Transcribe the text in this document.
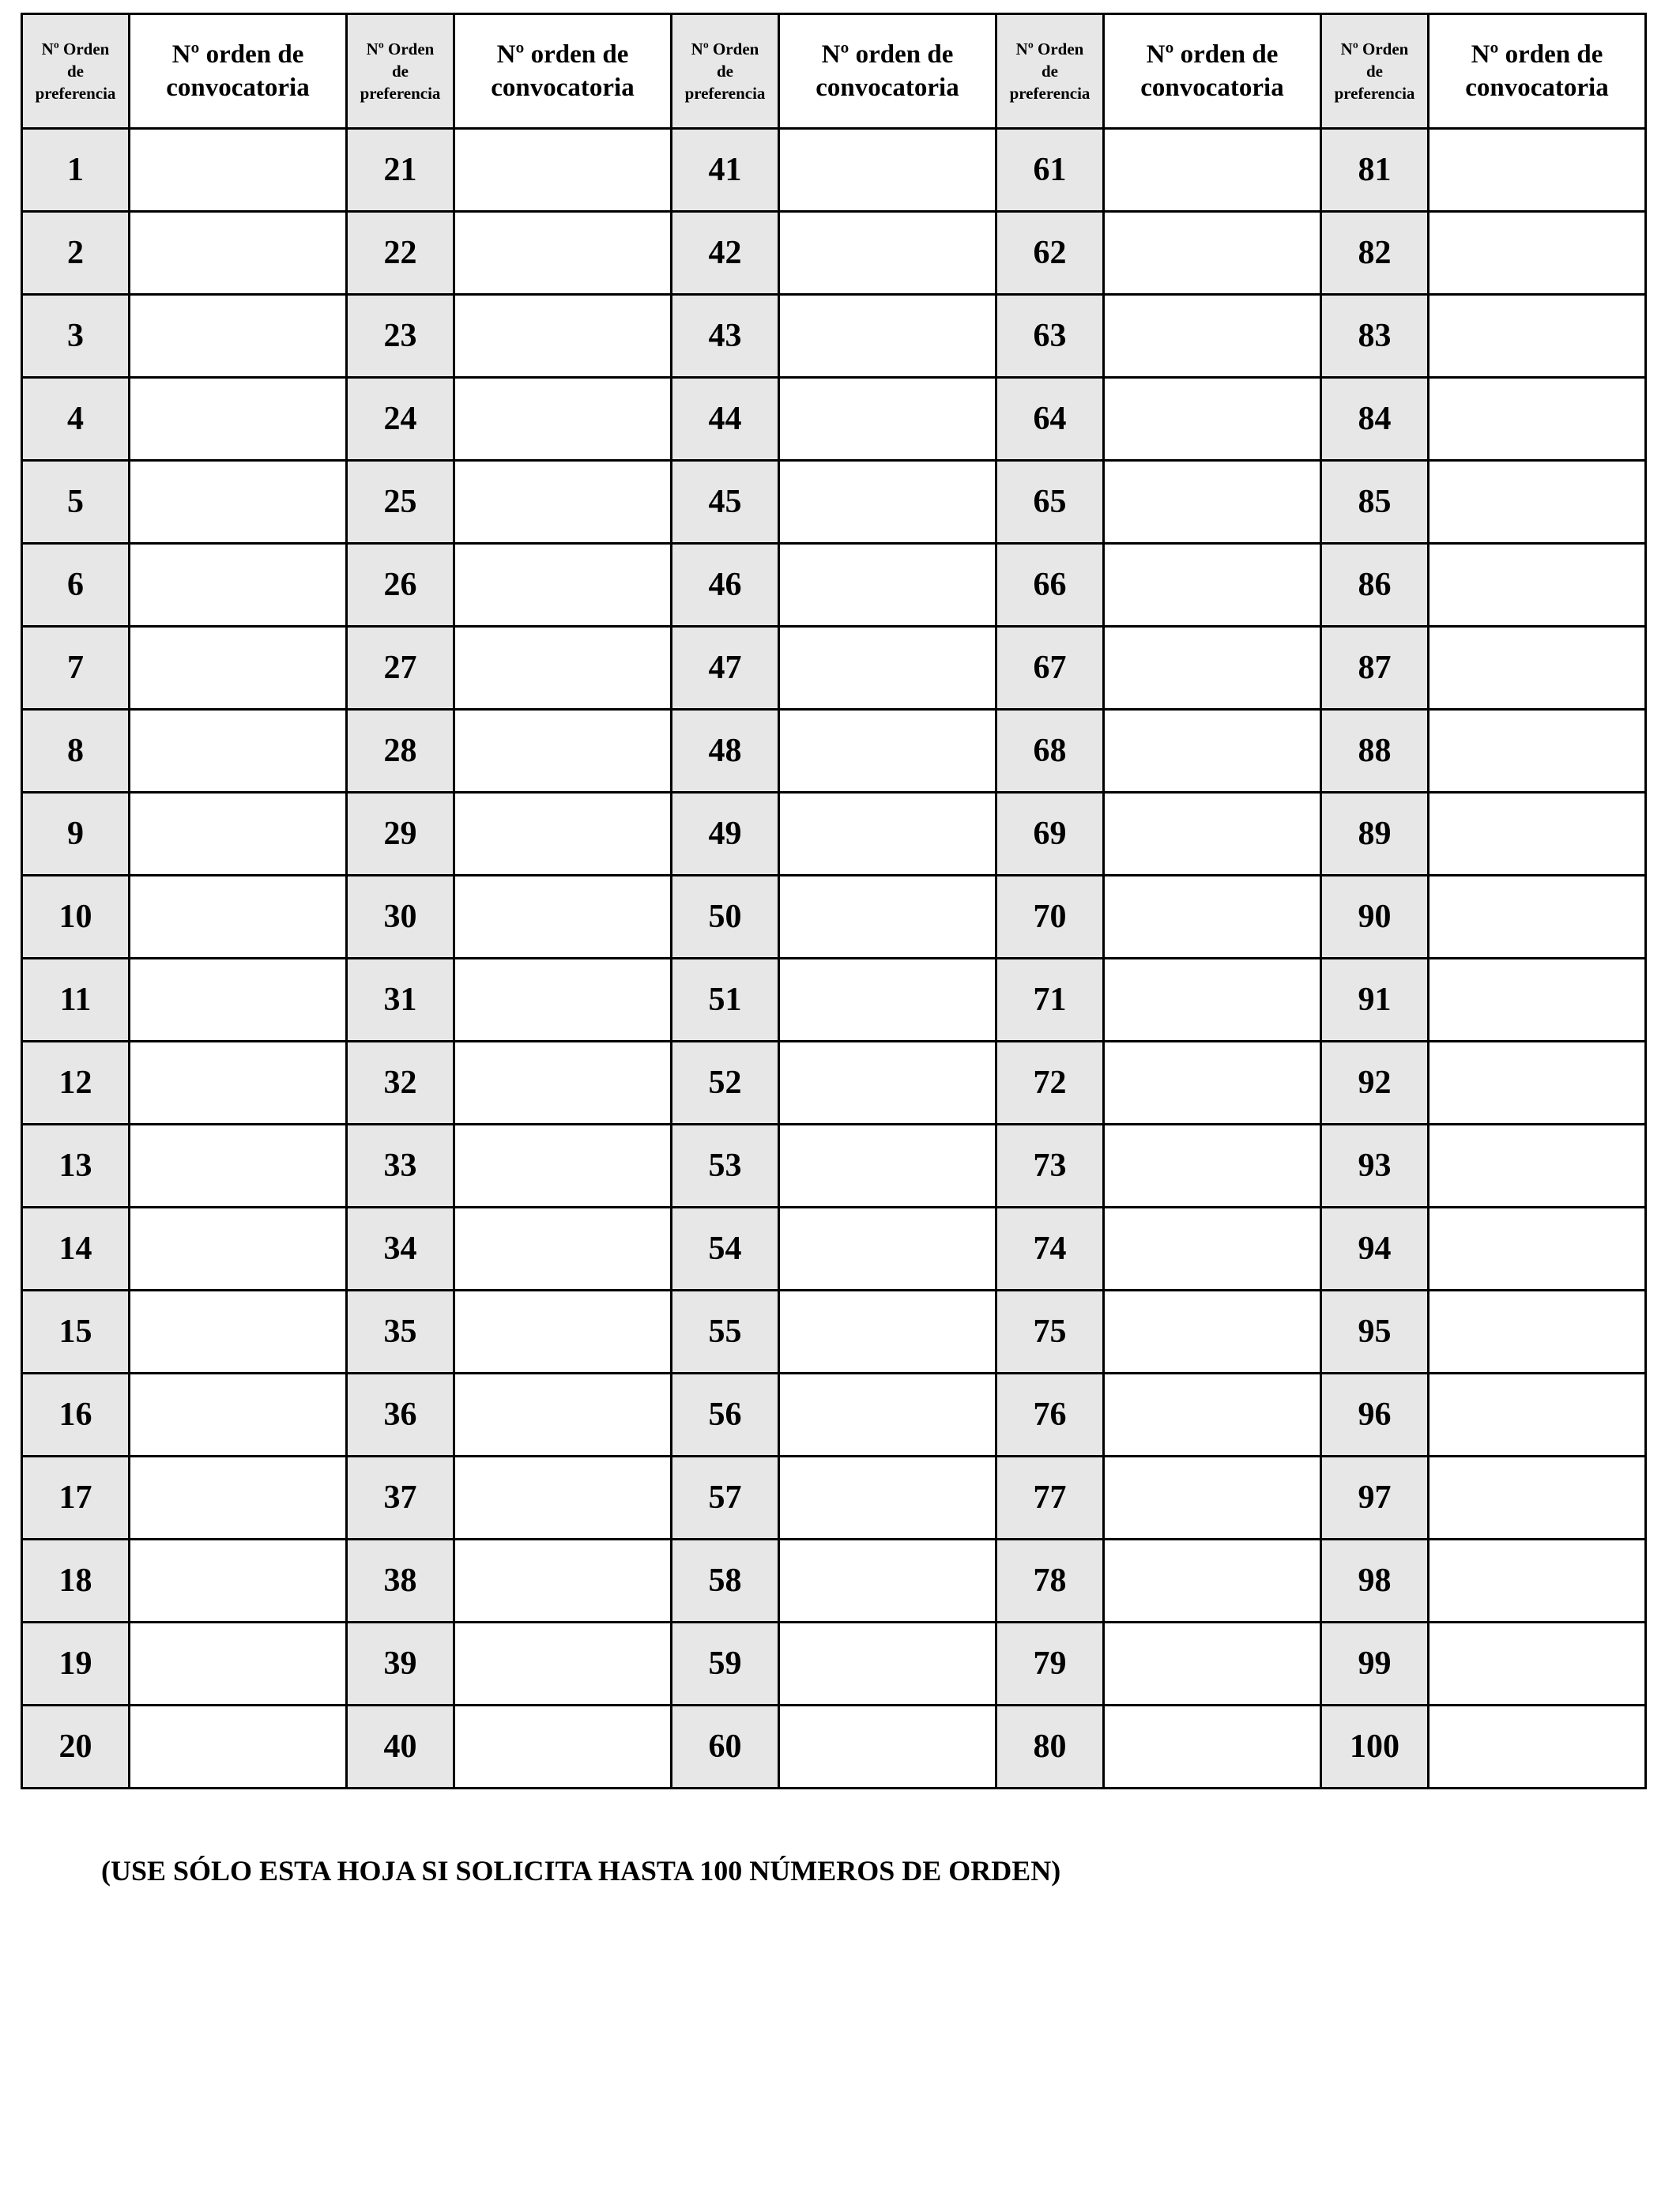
Nº Orden
de
preferencia	Nº orden de
convocatoria	Nº Orden
de
preferencia	Nº orden de
convocatoria	Nº Orden
de
preferencia	Nº orden de
convocatoria	Nº Orden
de
preferencia	Nº orden de
convocatoria	Nº Orden
de
preferencia	Nº orden de
convocatoria

1		21		41		61		81	
2		22		42		62		82	
3		23		43		63		83	
4		24		44		64		84	
5		25		45		65		85	
6		26		46		66		86	
7		27		47		67		87	
8		28		48		68		88	
9		29		49		69		89	
10		30		50		70		90	
11		31		51		71		91	
12		32		52		72		92	
13		33		53		73		93	
14		34		54		74		94	
15		35		55		75		95	
16		36		56		76		96	
17		37		57		77		97	
18		38		58		78		98	
19		39		59		79		99	
20		40		60		80		100	
(USE SÓLO ESTA HOJA SI SOLICITA HASTA 100 NÚMEROS DE ORDEN)
